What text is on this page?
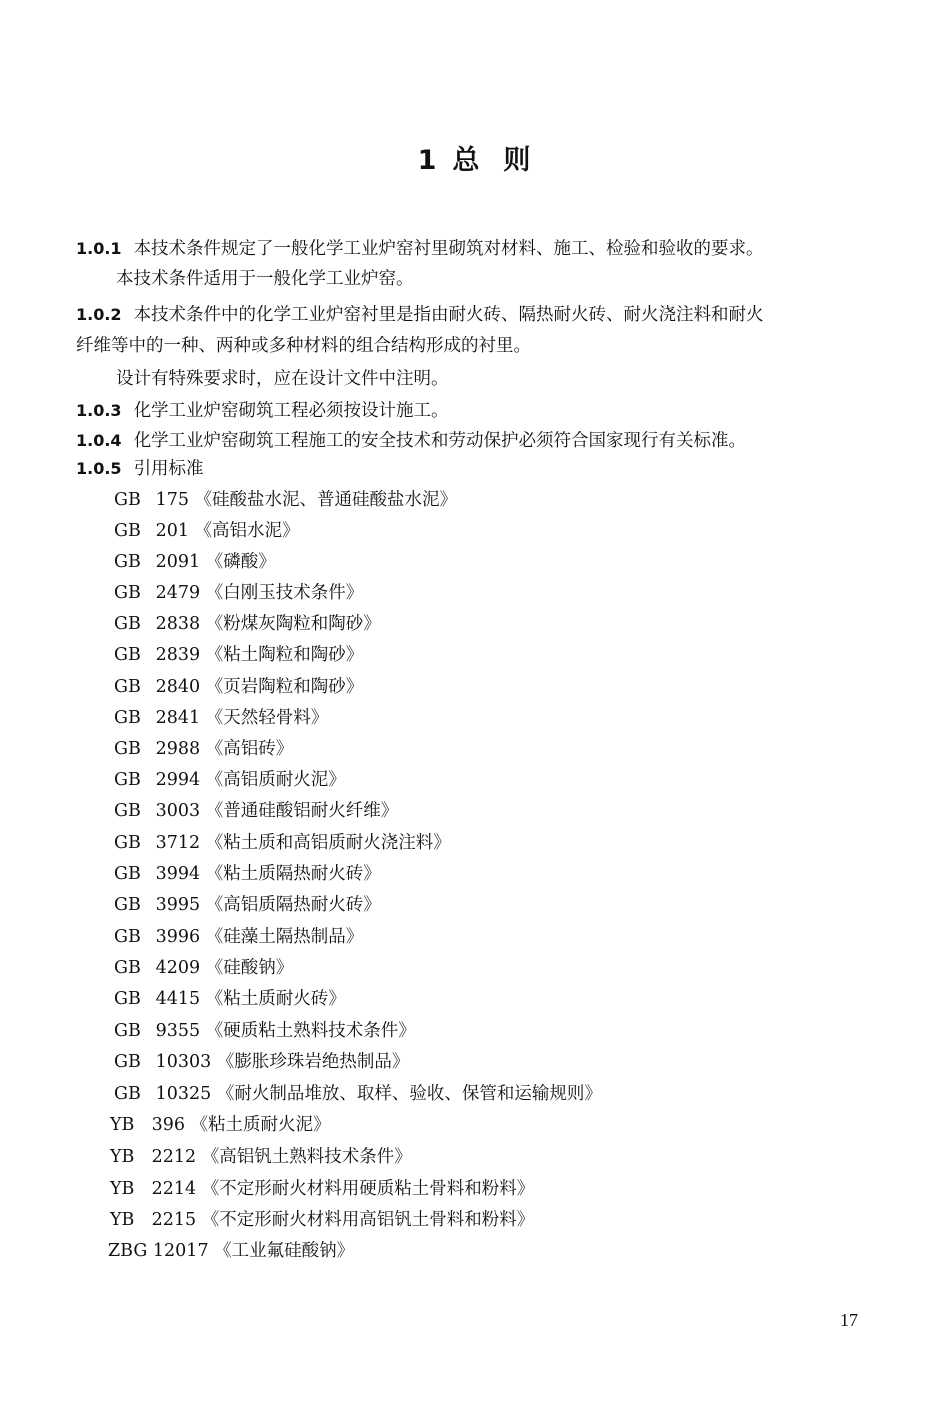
1 总 则
1.0.1 本技术条件规定了一般化学工业炉窑衬里砌筑对材料、施工、检验和验收的要求。
本技术条件适用于一般化学工业炉窑。
1.0.2 本技术条件中的化学工业炉窑衬里是指由耐火砖、隔热耐火砖、耐火浇注料和耐火
纤维等中的一种、两种或多种材料的组合结构形成的衬里。
设计有特殊要求时，应在设计文件中注明。
1.0.3 化学工业炉窑砌筑工程必须按设计施工。
1.0.4 化学工业炉窑砌筑工程施工的安全技术和劳动保护必须符合国家现行有关标准。
1.0.5 引用标准
GB 175 《硅酸盐水泥、普通硅酸盐水泥》
GB 201 《高铝水泥》
GB 2091 《磷酸》
GB 2479 《白刚玉技术条件》
GB 2838 《粉煤灰陶粒和陶砂》
GB 2839 《粘土陶粒和陶砂》
GB 2840 《页岩陶粒和陶砂》
GB 2841 《天然轻骨料》
GB 2988 《高铝砖》
GB 2994 《高铝质耐火泥》
GB 3003 《普通硅酸铝耐火纤维》
GB 3712 《粘土质和高铝质耐火浇注料》
GB 3994 《粘土质隔热耐火砖》
GB 3995 《高铝质隔热耐火砖》
GB 3996 《硅藻土隔热制品》
GB 4209 《硅酸钠》
GB 4415 《粘土质耐火砖》
GB 9355 《硬质粘土熟料技术条件》
GB 10303 《膨胀珍珠岩绝热制品》
GB 10325 《耐火制品堆放、取样、验收、保管和运输规则》
YB 396 《粘土质耐火泥》
YB 2212 《高铝钒土熟料技术条件》
YB 2214 《不定形耐火材料用硬质粘土骨料和粉料》
YB 2215 《不定形耐火材料用高铝钒土骨料和粉料》
ZBG 12017 《工业氟硅酸钠》
17
